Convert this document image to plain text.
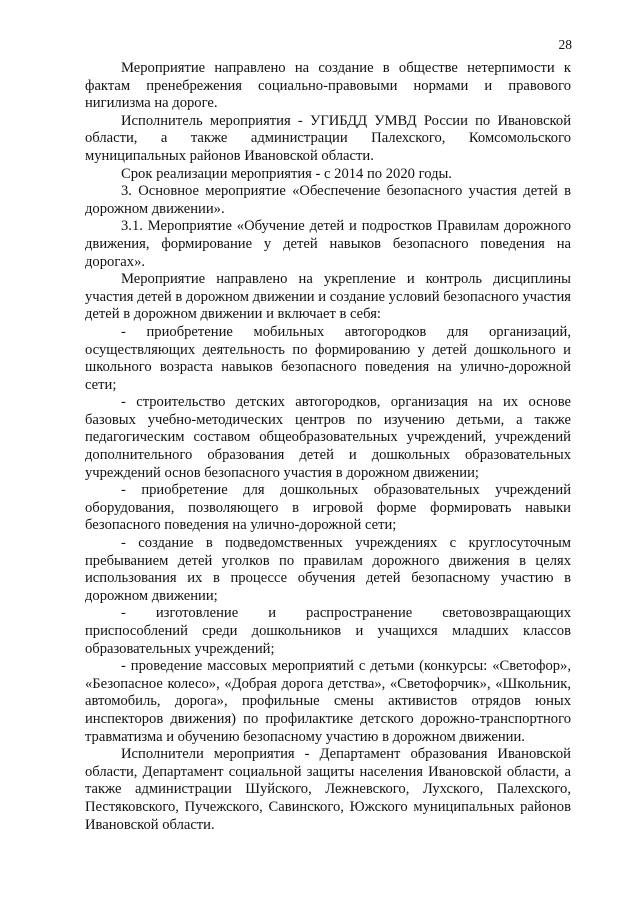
28

Мероприятие направлено на создание в обществе нетерпимости к фактам пренебрежения социально-правовыми нормами и правового нигилизма на дороге.

Исполнитель мероприятия - УГИБДД УМВД России по Ивановской области, а также администрации Палехского, Комсомольского муниципальных районов Ивановской области.

Срок реализации мероприятия - с 2014 по 2020 годы.

3. Основное мероприятие «Обеспечение безопасного участия детей в дорожном движении».

3.1. Мероприятие «Обучение детей и подростков Правилам дорожного движения, формирование у детей навыков безопасного поведения на дорогах».

Мероприятие направлено на укрепление и контроль дисциплины участия детей в дорожном движении и создание условий безопасного участия детей в дорожном движении и включает в себя:

- приобретение мобильных автогородков для организаций, осуществляющих деятельность по формированию у детей дошкольного и школьного возраста навыков безопасного поведения на улично-дорожной сети;

- строительство детских автогородков, организация на их основе базовых учебно-методических центров по изучению детьми, а также педагогическим составом общеобразовательных учреждений, учреждений дополнительного образования детей и дошкольных образовательных учреждений основ безопасного участия в дорожном движении;

- приобретение для дошкольных образовательных учреждений оборудования, позволяющего в игровой форме формировать навыки безопасного поведения на улично-дорожной сети;

- создание в подведомственных учреждениях с круглосуточным пребыванием детей уголков по правилам дорожного движения в целях использования их в процессе обучения детей безопасному участию в дорожном движении;

- изготовление и распространение световозвращающих приспособлений среди дошкольников и учащихся младших классов образовательных учреждений;

- проведение массовых мероприятий с детьми (конкурсы: «Светофор», «Безопасное колесо», «Добрая дорога детства», «Светофорчик», «Школьник, автомобиль, дорога», профильные смены активистов отрядов юных инспекторов движения) по профилактике детского дорожно-транспортного травматизма и обучению безопасному участию в дорожном движении.

Исполнители мероприятия - Департамент образования Ивановской области, Департамент социальной защиты населения Ивановской области, а также администрации Шуйского, Лежневского, Лухского, Палехского, Пестяковского, Пучежского, Савинского, Южского муниципальных районов Ивановской области.
